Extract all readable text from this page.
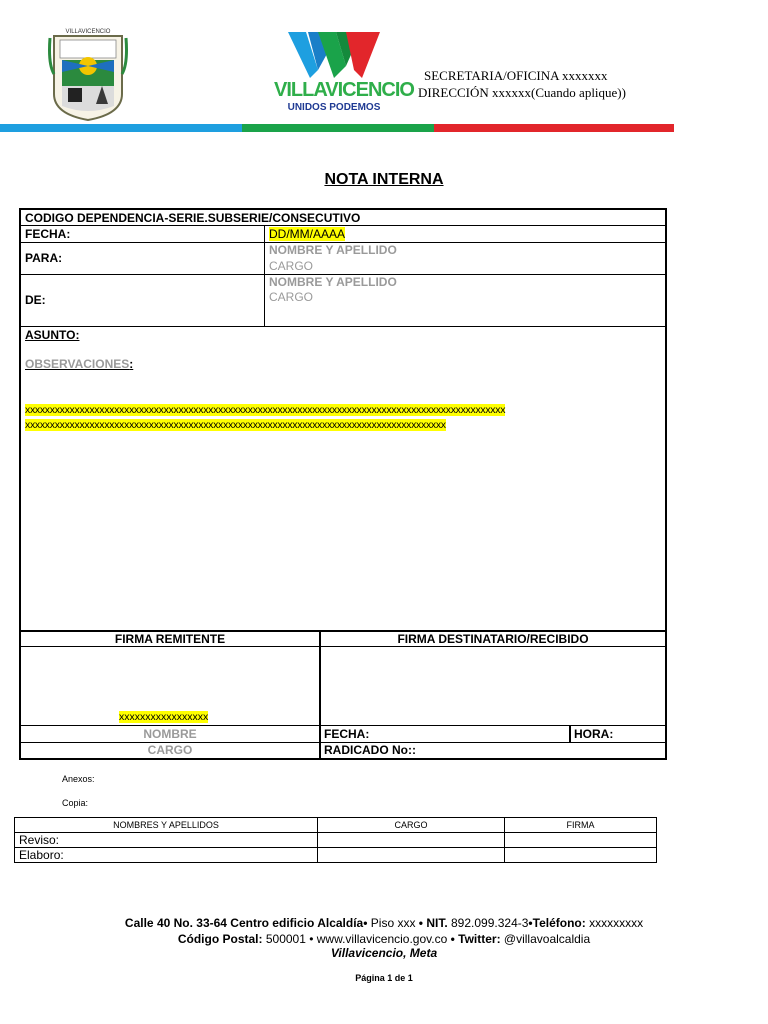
VILLAVICENCIO
VILLAVICENCIO
UNIDOS PODEMOS
SECRETARIA/OFICINA xxxxxxx
DIRECCIÓN xxxxxx(Cuando aplique))
NOTA INTERNA
CODIGO DEPENDENCIA-SERIE.SUBSERIE/CONSECUTIVO
FECHA:	DD/MM/AAAA
PARA:
NOMBRE Y APELLIDO
CARGO
DE:
NOMBRE Y APELLIDO
CARGO
ASUNTO:
OBSERVACIONES:
xxxxxxxxxxxxxxxxxxxxxxxxxxxxxxxxxxxxxxxxxxxxxxxxxxxxxxxxxxxxxxxxxxxxxxxxxxxxxxxxxxxxxxxxxxxxxxxxx
xxxxxxxxxxxxxxxxxxxxxxxxxxxxxxxxxxxxxxxxxxxxxxxxxxxxxxxxxxxxxxxxxxxxxxxxxxxxxxxxxxxxx
FIRMA REMITENTE	FIRMA DESTINATARIO/RECIBIDO
xxxxxxxxxxxxxxxxx
NOMBRE	FECHA:	HORA:
CARGO	RADICADO No::
Anexos:
Copia:
NOMBRES Y APELLIDOS	CARGO	FIRMA
Reviso:		
Elaboro:		
Calle 40 No. 33-64 Centro edificio Alcaldía• Piso xxx • NIT. 892.099.324-3•Teléfono: xxxxxxxxx
Código Postal: 500001 • www.villavicencio.gov.co • Twitter: @villavoalcaldia
Villavicencio, Meta
Página 1 de 1
